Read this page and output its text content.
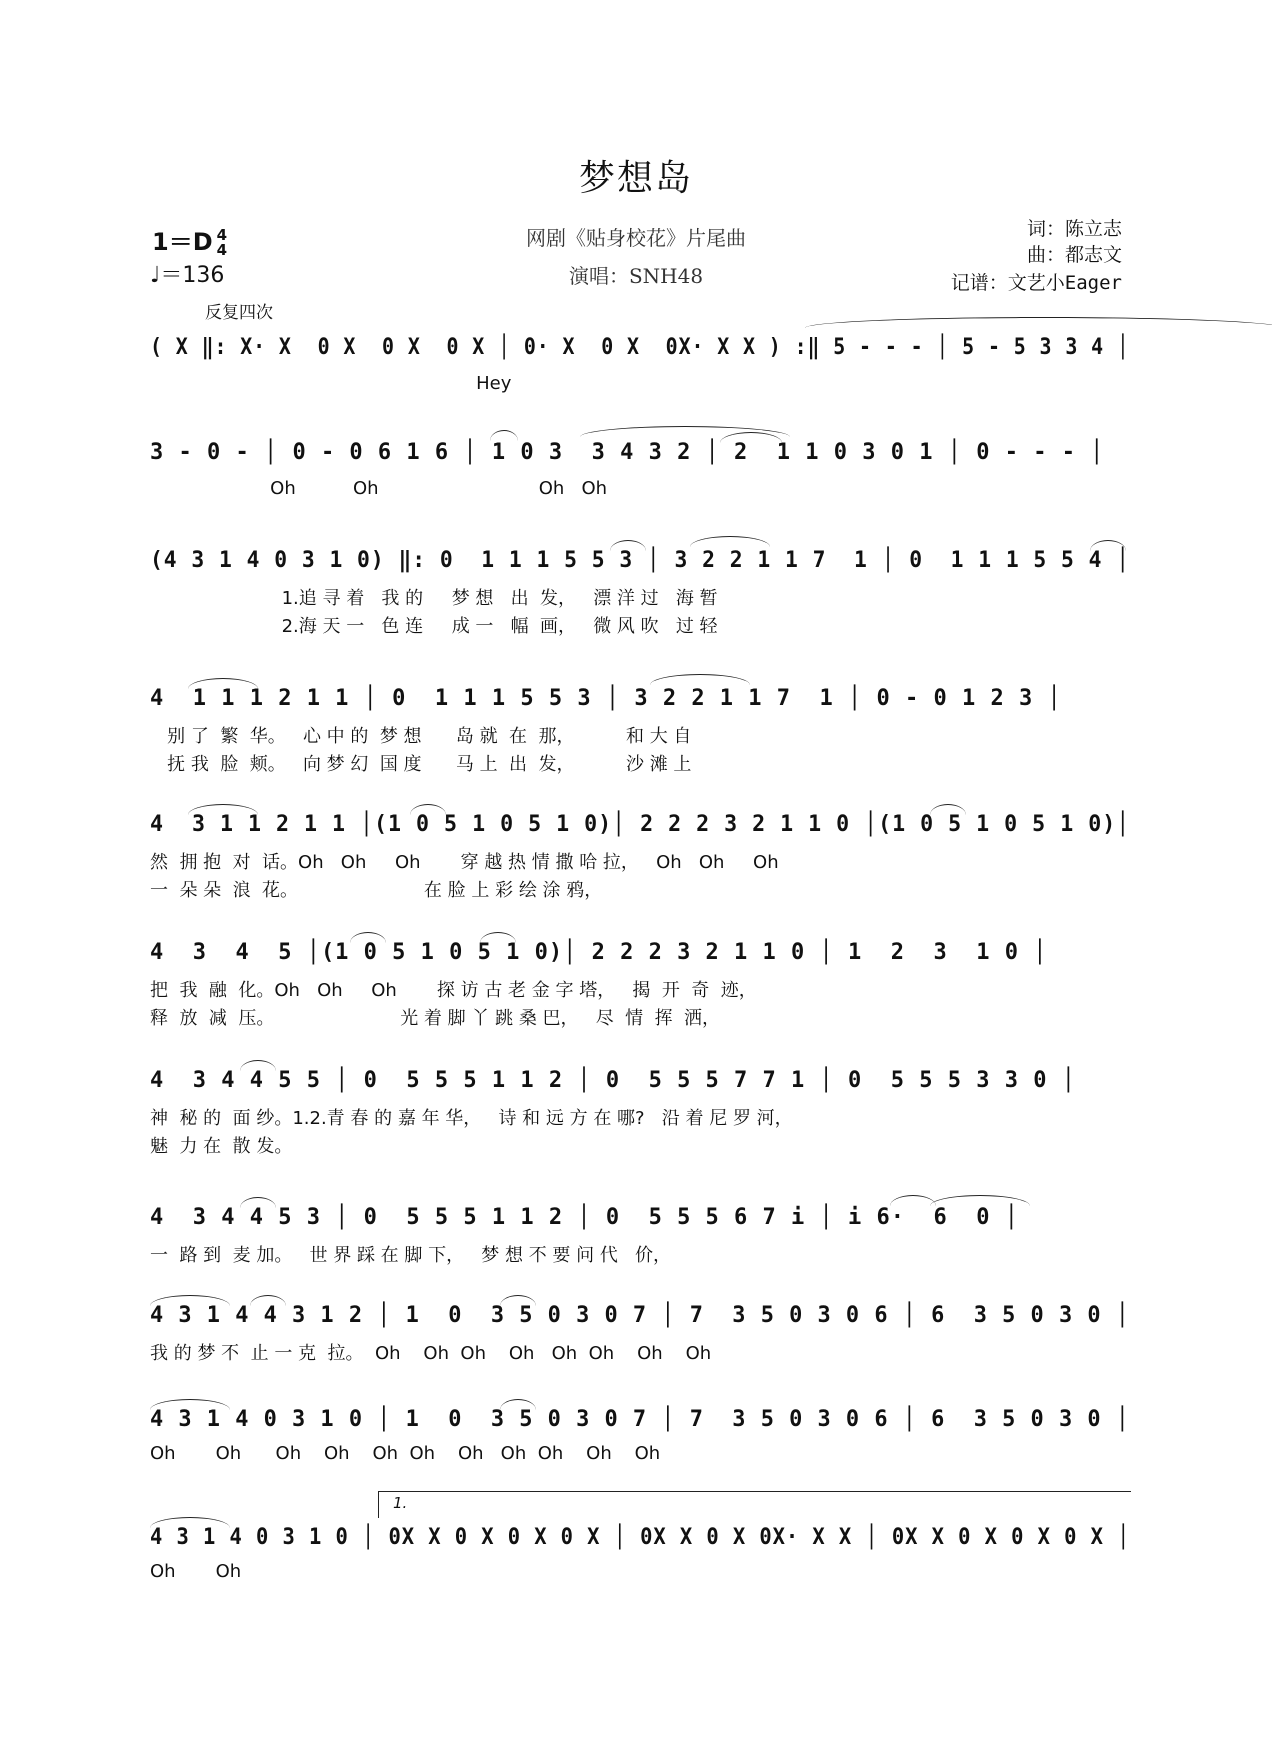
梦想岛
1＝D 4
4
♩＝136
网剧《贴身校花》片尾曲
演唱：SNH48
词：陈立志
曲：都志文
记谱：文艺小Eager
反复四次
( X ‖: X· X  0 X  0 X  0 X │ 0· X  0 X  0X· X X ) :‖ 5 - - - │ 5 - 5 3 3 4 │
Hey
3 - 0 - │ 0 - 0 6 1 6 │ 1 0 3  3 4 3 2 │ 2  1 1 0 3 0 1 │ 0 - - - │
Oh          Oh                            Oh   Oh
(4 3 1 4 0 3 1 0) ‖: 0  1 1 1 5 5 3 │ 3 2 2 1 1 7  1 │ 0  1 1 1 5 5 4 │
1.追 寻 着   我 的     梦 想   出  发，   漂 洋 过   海 暂
2.海 天 一   色 连     成 一   幅  画，   微 风 吹   过 轻
4  1 1 1 2 1 1 │ 0  1 1 1 5 5 3 │ 3 2 2 1 1 7  1 │ 0 - 0 1 2 3 │
别 了  繁  华。   心 中 的  梦 想      岛 就  在  那，         和 大 自
抚 我  脸  颊。   向 梦 幻  国 度      马 上  出  发，         沙 滩 上
4  3 1 1 2 1 1 │(1 0 5 1 0 5 1 0)│ 2 2 2 3 2 1 1 0 │(1 0 5 1 0 5 1 0)│
然  拥 抱  对  话。Oh   Oh     Oh       穿 越 热 情 撒 哈 拉，   Oh   Oh     Oh
一  朵 朵  浪  花。                      在 脸 上 彩 绘 涂 鸦，
4  3  4  5 │(1 0 5 1 0 5 1 0)│ 2 2 2 3 2 1 1 0 │ 1  2  3  1 0 │
把  我  融  化。Oh   Oh     Oh       探 访 古 老 金 字 塔，   揭  开  奇  迹，
释  放  减  压。                      光 着 脚 丫 跳 桑 巴，   尽  情  挥  洒，
4  3 4 4 5 5 │ 0  5 5 5 1 1 2 │ 0  5 5 5 7 7 1 │ 0  5 5 5 3 3 0 │
神  秘 的  面 纱。1.2.青 春 的 嘉 年 华，   诗 和 远 方 在 哪?   沿 着 尼 罗 河，
魅  力 在  散 发。
4  3 4 4 5 3 │ 0  5 5 5 1 1 2 │ 0  5 5 5 6 7 i │ i 6·  6  0 │
一  路 到  麦 加。   世 界 踩 在 脚 下，   梦 想 不 要 问 代   价，
4 3 1 4 4 3 1 2 │ 1  0  3 5 0 3 0 7 │ 7  3 5 0 3 0 6 │ 6  3 5 0 3 0 │
我 的 梦 不  止 一 克  拉。  Oh    Oh  Oh    Oh   Oh  Oh    Oh    Oh
4 3 1 4 0 3 1 0 │ 1  0  3 5 0 3 0 7 │ 7  3 5 0 3 0 6 │ 6  3 5 0 3 0 │
Oh       Oh      Oh    Oh    Oh  Oh    Oh   Oh  Oh    Oh    Oh
1.
4 3 1 4 0 3 1 0 │ 0X X 0 X 0 X 0 X │ 0X X 0 X 0X· X X │ 0X X 0 X 0 X 0 X │
Oh       Oh
